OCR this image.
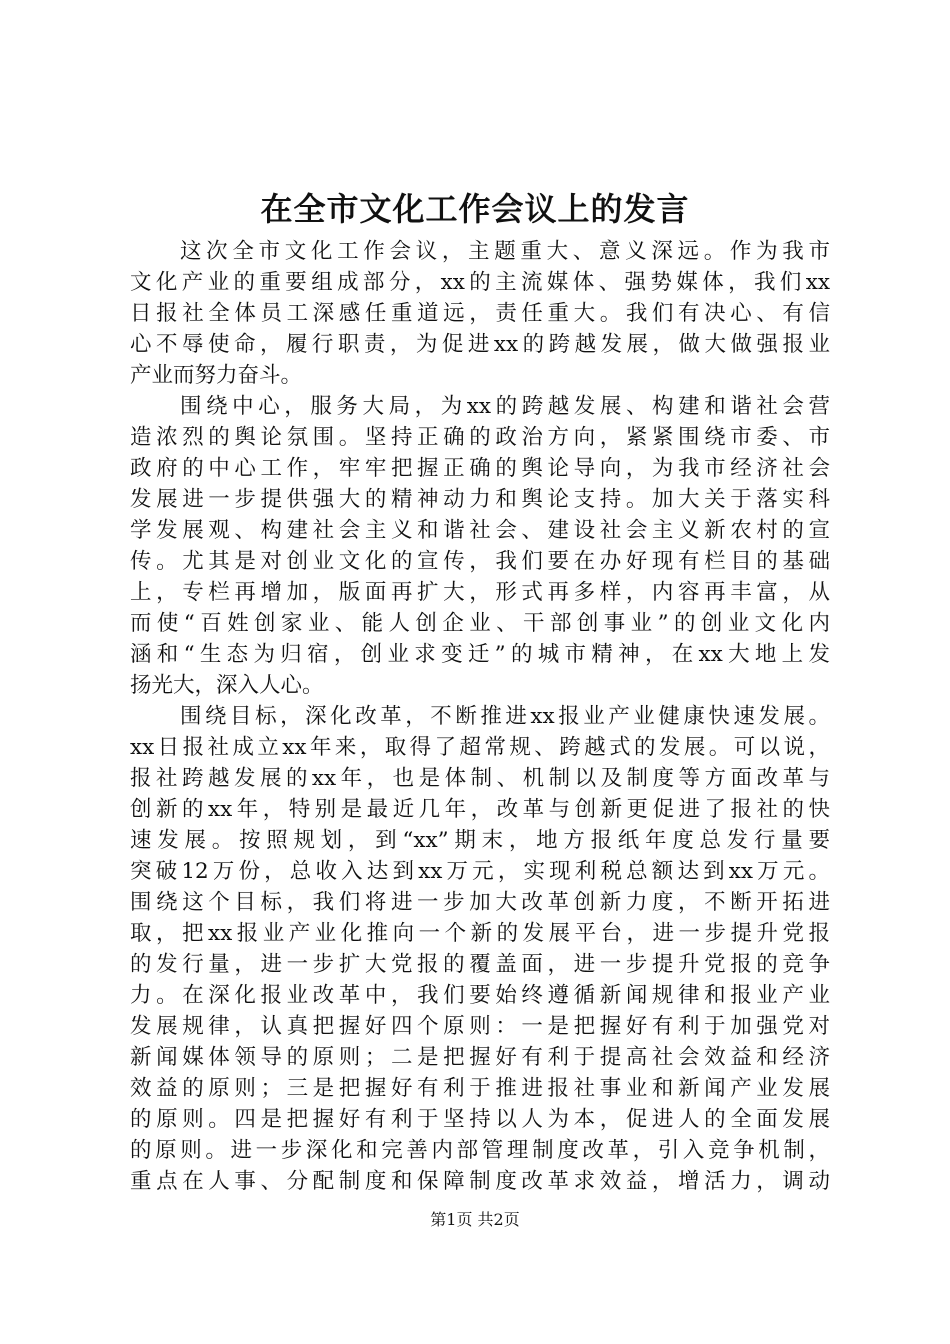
在全市文化工作会议上的发言
这次全市文化工作会议，主题重大、意义深远。作为我市
文化产业的重要组成部分，xx的主流媒体、强势媒体，我们xx
日报社全体员工深感任重道远，责任重大。我们有决心、有信
心不辱使命，履行职责，为促进xx的跨越发展，做大做强报业
产业而努力奋斗。
围绕中心，服务大局，为xx的跨越发展、构建和谐社会营
造浓烈的舆论氛围。坚持正确的政治方向，紧紧围绕市委、市
政府的中心工作，牢牢把握正确的舆论导向，为我市经济社会
发展进一步提供强大的精神动力和舆论支持。加大关于落实科
学发展观、构建社会主义和谐社会、建设社会主义新农村的宣
传。尤其是对创业文化的宣传，我们要在办好现有栏目的基础
上，专栏再增加，版面再扩大，形式再多样，内容再丰富，从
而使“百姓创家业、能人创企业、干部创事业”的创业文化内
涵和“生态为归宿，创业求变迁”的城市精神，在xx大地上发
扬光大，深入人心。
围绕目标，深化改革，不断推进xx报业产业健康快速发展。
xx日报社成立xx年来，取得了超常规、跨越式的发展。可以说，
报社跨越发展的xx年，也是体制、机制以及制度等方面改革与
创新的xx年，特别是最近几年，改革与创新更促进了报社的快
速发展。按照规划，到“xx”期末，地方报纸年度总发行量要
突破12万份，总收入达到xx万元，实现利税总额达到xx万元。
围绕这个目标，我们将进一步加大改革创新力度，不断开拓进
取，把xx报业产业化推向一个新的发展平台，进一步提升党报
的发行量，进一步扩大党报的覆盖面，进一步提升党报的竞争
力。在深化报业改革中，我们要始终遵循新闻规律和报业产业
发展规律，认真把握好四个原则：一是把握好有利于加强党对
新闻媒体领导的原则；二是把握好有利于提高社会效益和经济
效益的原则；三是把握好有利于推进报社事业和新闻产业发展
的原则。四是把握好有利于坚持以人为本，促进人的全面发展
的原则。进一步深化和完善内部管理制度改革，引入竞争机制，
重点在人事、分配制度和保障制度改革求效益，增活力，调动
第1页 共2页
